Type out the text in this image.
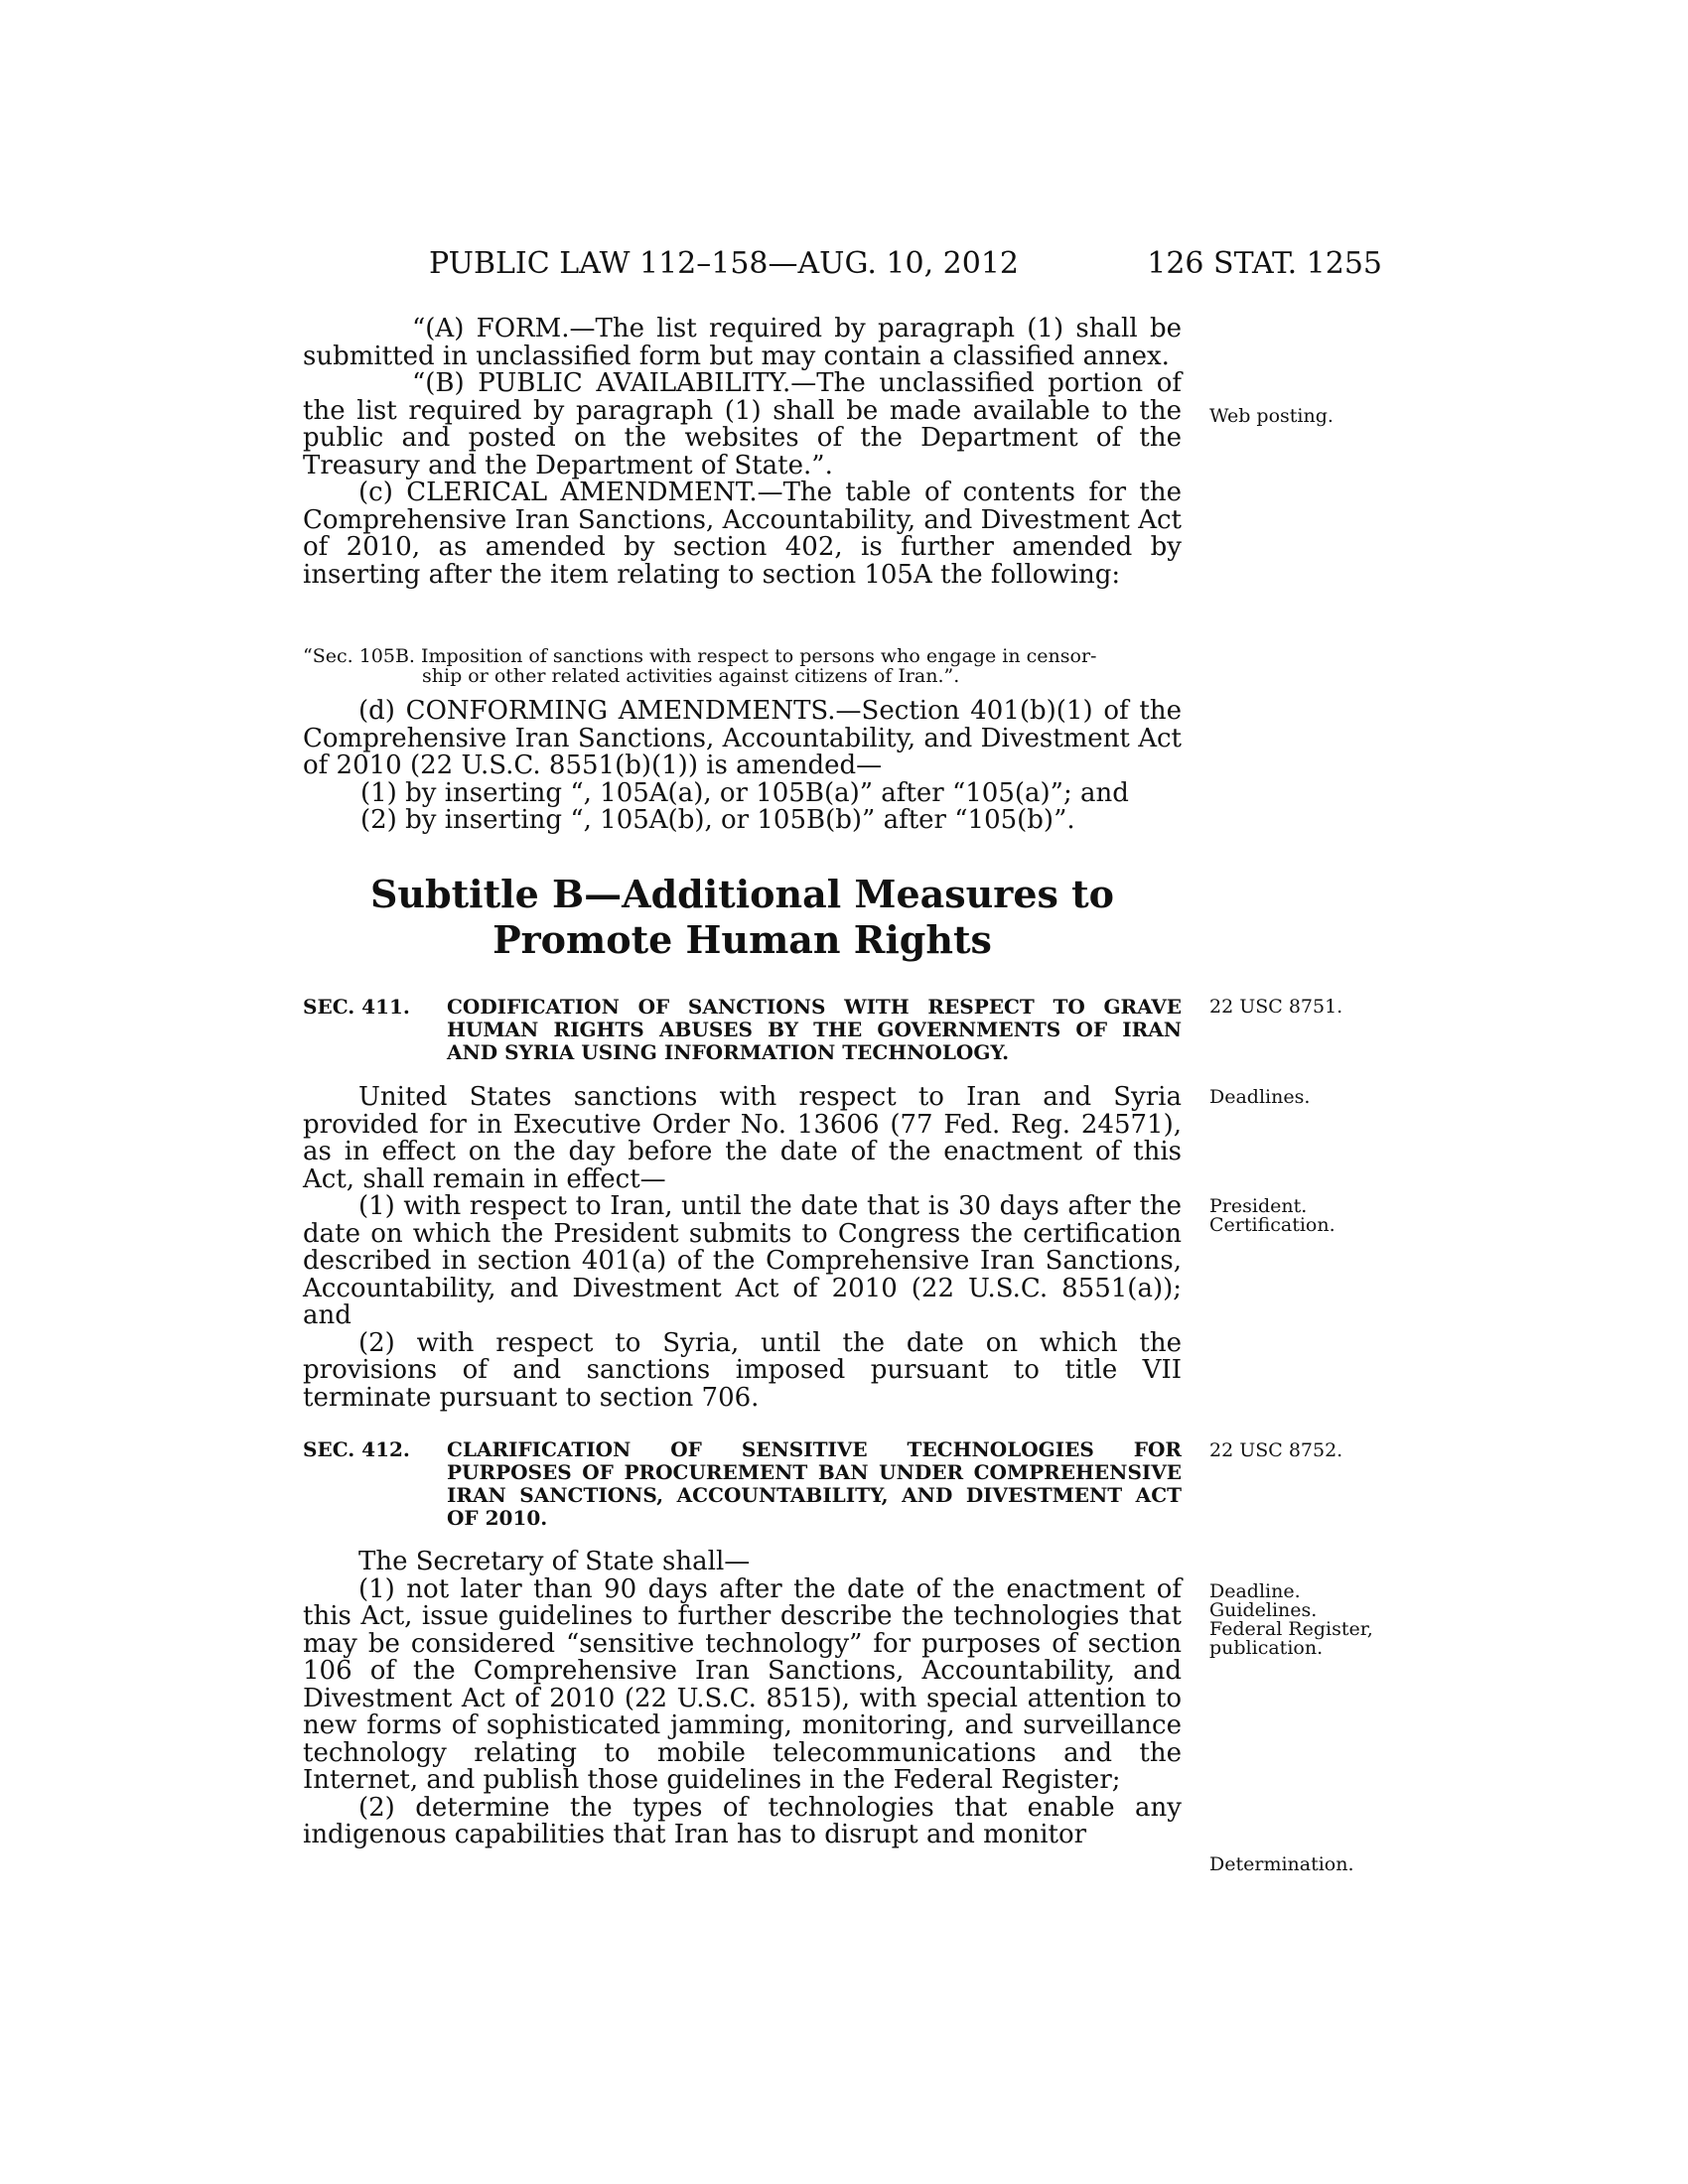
PUBLIC LAW 112–158—AUG. 10, 2012	126 STAT. 1255

“(A) FORM.—The list required by paragraph (1) shall be submitted in unclassified form but may contain a classified annex.

“(B) PUBLIC AVAILABILITY.—The unclassified portion of the list required by paragraph (1) shall be made available to the public and posted on the websites of the Department of the Treasury and the Department of State.”.

(c) CLERICAL AMENDMENT.—The table of contents for the Comprehensive Iran Sanctions, Accountability, and Divestment Act of 2010, as amended by section 402, is further amended by inserting after the item relating to section 105A the following:

“Sec. 105B. Imposition of sanctions with respect to persons who engage in censor-
ship or other related activities against citizens of Iran.”.

(d) CONFORMING AMENDMENTS.—Section 401(b)(1) of the Comprehensive Iran Sanctions, Accountability, and Divestment Act of 2010 (22 U.S.C. 8551(b)(1)) is amended—

(1) by inserting “, 105A(a), or 105B(a)” after “105(a)”; and

(2) by inserting “, 105A(b), or 105B(b)” after “105(b)”.

Subtitle B—Additional Measures to
Promote Human Rights
SEC. 411. CODIFICATION OF SANCTIONS WITH RESPECT TO GRAVE HUMAN RIGHTS ABUSES BY THE GOVERNMENTS OF IRAN AND SYRIA USING INFORMATION TECHNOLOGY.

United States sanctions with respect to Iran and Syria provided for in Executive Order No. 13606 (77 Fed. Reg. 24571), as in effect on the day before the date of the enactment of this Act, shall remain in effect—

(1) with respect to Iran, until the date that is 30 days after the date on which the President submits to Congress the certification described in section 401(a) of the Comprehensive Iran Sanctions, Accountability, and Divestment Act of 2010 (22 U.S.C. 8551(a)); and

(2) with respect to Syria, until the date on which the provisions of and sanctions imposed pursuant to title VII terminate pursuant to section 706.

SEC. 412. CLARIFICATION OF SENSITIVE TECHNOLOGIES FOR PURPOSES OF PROCUREMENT BAN UNDER COMPREHENSIVE IRAN SANCTIONS, ACCOUNTABILITY, AND DIVESTMENT ACT OF 2010.

The Secretary of State shall—

(1) not later than 90 days after the date of the enactment of this Act, issue guidelines to further describe the technologies that may be considered “sensitive technology” for purposes of section 106 of the Comprehensive Iran Sanctions, Accountability, and Divestment Act of 2010 (22 U.S.C. 8515), with special attention to new forms of sophisticated jamming, monitoring, and surveillance technology relating to mobile telecommunications and the Internet, and publish those guidelines in the Federal Register;

(2) determine the types of technologies that enable any indigenous capabilities that Iran has to disrupt and monitor

Web posting.
22 USC 8751.
Deadlines.
President.
Certification.
22 USC 8752.
Deadline.
Guidelines.
Federal Register,
publication.
Determination.
